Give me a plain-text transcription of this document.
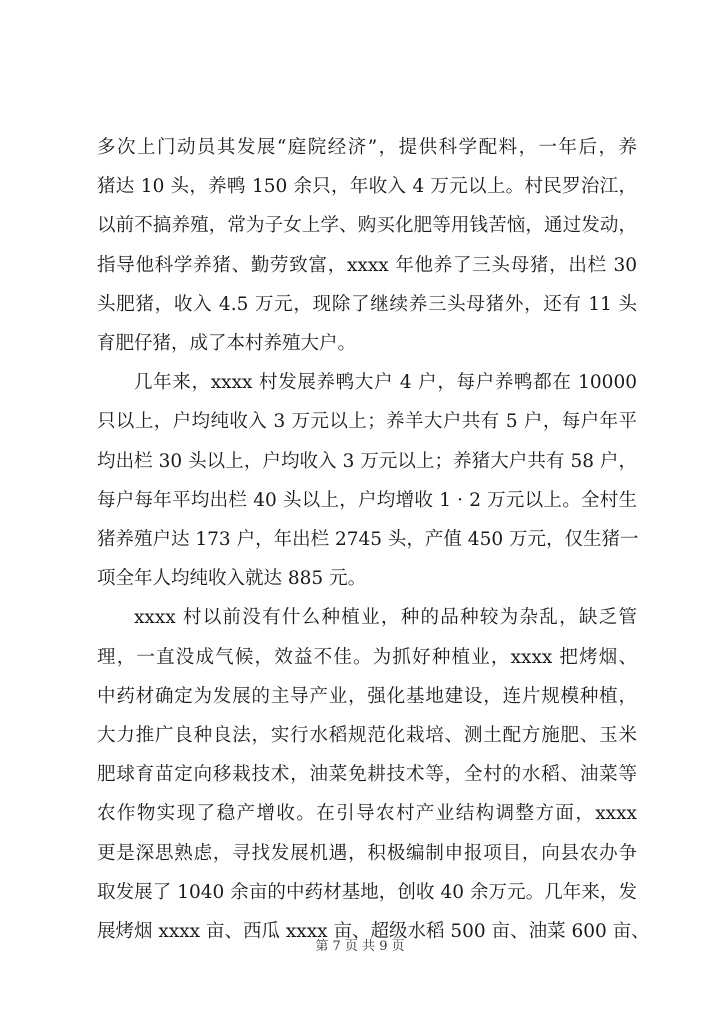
多次上门动员其发展“庭院经济”，提供科学配料，一年后，养
猪达 10 头，养鸭 150 余只，年收入 4 万元以上。村民罗治江，
以前不搞养殖，常为子女上学、购买化肥等用钱苦恼，通过发动，
指导他科学养猪、勤劳致富，xxxx 年他养了三头母猪，出栏 30
头肥猪，收入 4.5 万元，现除了继续养三头母猪外，还有 11 头
育肥仔猪，成了本村养殖大户。
几年来，xxxx 村发展养鸭大户 4 户，每户养鸭都在 10000
只以上，户均纯收入 3 万元以上；养羊大户共有 5 户，每户年平
均出栏 30 头以上，户均收入 3 万元以上；养猪大户共有 58 户，
每户每年平均出栏 40 头以上，户均增收 1 · 2 万元以上。全村生
猪养殖户达 173 户，年出栏 2745 头，产值 450 万元，仅生猪一
项全年人均纯收入就达 885 元。
xxxx 村以前没有什么种植业，种的品种较为杂乱，缺乏管
理，一直没成气候，效益不佳。为抓好种植业，xxxx 把烤烟、
中药材确定为发展的主导产业，强化基地建设，连片规模种植，
大力推广良种良法，实行水稻规范化栽培、测土配方施肥、玉米
肥球育苗定向移栽技术，油菜免耕技术等，全村的水稻、油菜等
农作物实现了稳产增收。在引导农村产业结构调整方面，xxxx
更是深思熟虑，寻找发展机遇，积极编制申报项目，向县农办争
取发展了 1040 余亩的中药材基地，创收 40 余万元。几年来，发
展烤烟 xxxx 亩、西瓜 xxxx 亩、超级水稻 500 亩、油菜 600 亩、
第 7 页 共 9 页
